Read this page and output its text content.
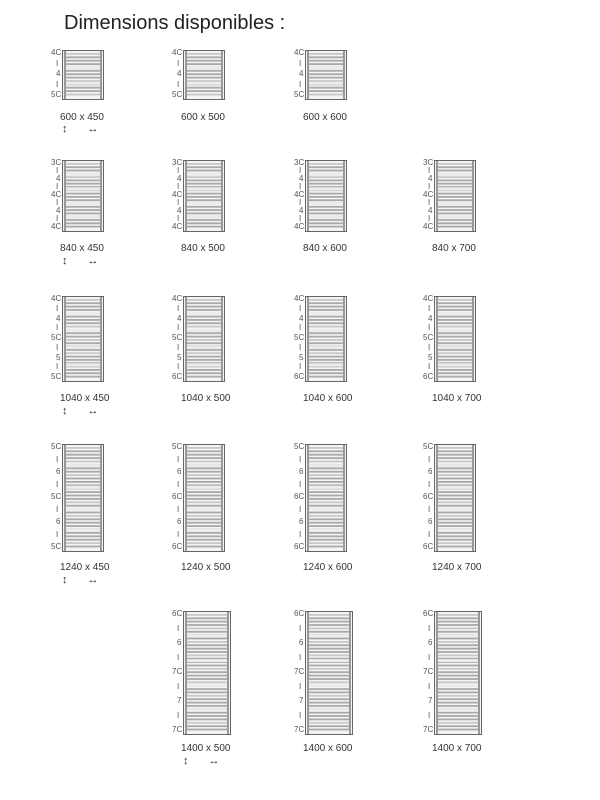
Dimensions disponibles :
4C
I
4
I
5C
600 x 450
↕ ↔
4C
I
4
I
5C
600 x 500
4C
I
4
I
5C
600 x 600
3C
I
4
I
4C
I
4
I
4C
840 x 450
↕ ↔
3C
I
4
I
4C
I
4
I
4C
840 x 500
3C
I
4
I
4C
I
4
I
4C
840 x 600
3C
I
4
I
4C
I
4
I
4C
840 x 700
4C
I
4
I
5C
I
5
I
5C
1040 x 450
↕ ↔
4C
I
4
I
5C
I
5
I
6C
1040 x 500
4C
I
4
I
5C
I
5
I
6C
1040 x 600
4C
I
4
I
5C
I
5
I
6C
1040 x 700
5C
I
6
I
5C
I
6
I
5C
1240 x 450
↕ ↔
5C
I
6
I
6C
I
6
I
6C
1240 x 500
5C
I
6
I
6C
I
6
I
6C
1240 x 600
5C
I
6
I
6C
I
6
I
6C
1240 x 700
6C
I
6
I
7C
I
7
I
7C
1400 x 500
↕ ↔
6C
I
6
I
7C
I
7
I
7C
1400 x 600
6C
I
6
I
7C
I
7
I
7C
1400 x 700
